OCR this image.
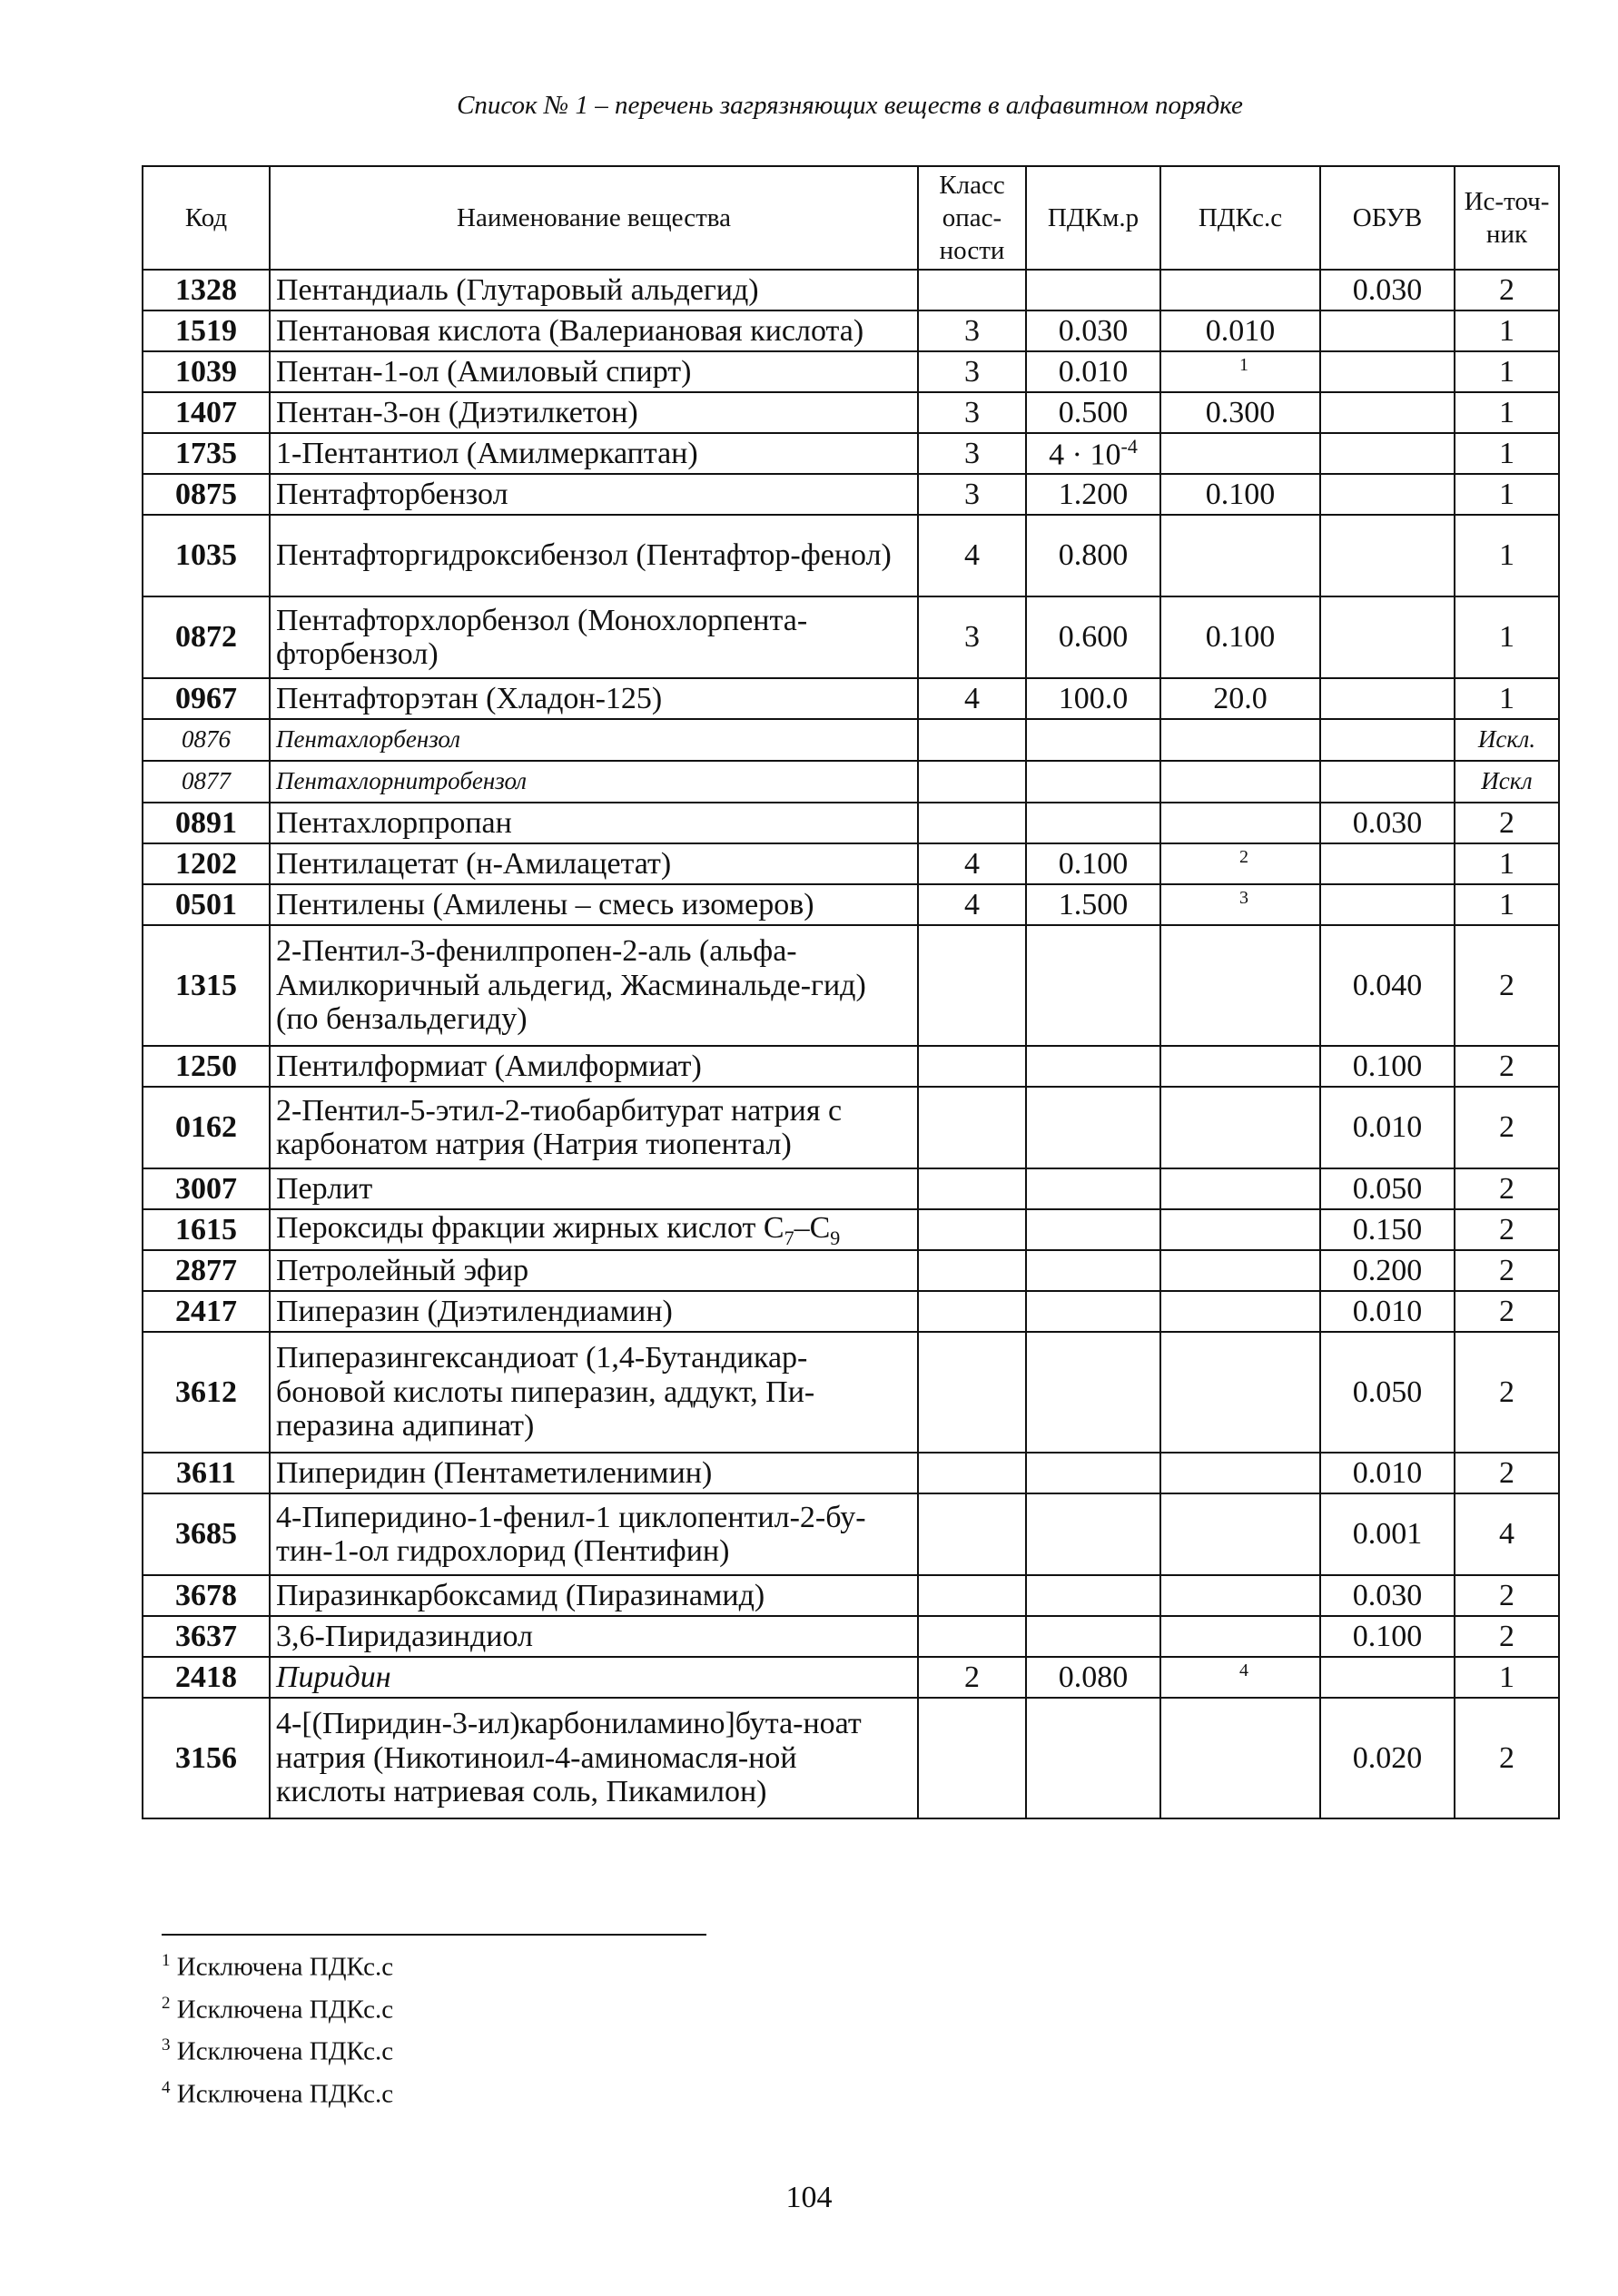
Список № 1 – перечень загрязняющих веществ в алфавитном порядке
Код	Наименование вещества	Класс опас-ности	ПДКм.р	ПДКс.с	ОБУВ	Ис-точ-ник
1328	Пентандиаль (Глутаровый альдегид)				0.030	2
1519	Пентановая кислота (Валериановая кислота)	3	0.030	0.010		1
1039	Пентан-1-ол (Амиловый спирт)	3	0.010	$^1$		1
1407	Пентан-3-он (Диэтилкетон)	3	0.500	0.300		1
1735	1-Пентантиол (Амилмеркаптан)	3	$4 \cdot 10^{-4}$			1
0875	Пентафторбензол	3	1.200	0.100		1
1035	Пентафторгидроксибензол (Пентафтор-фенол)	4	0.800			1
0872	Пентафторхлорбензол (Монохлорпента-фторбензол)	3	0.600	0.100		1
0967	Пентафторэтан (Хладон-125)	4	100.0	20.0		1
0876	Пентахлорбензол					Искл.
0877	Пентахлорнитробензол					Искл
0891	Пентахлорпропан				0.030	2
1202	Пентилацетат (н-Амилацетат)	4	0.100	$^2$		1
0501	Пентилены (Амилены – смесь изомеров)	4	1.500	$^3$		1
1315	2-Пентил-3-фенилпропен-2-аль (альфа-Амилкоричный альдегид, Жасминальде-гид) (по бензальдегиду)				0.040	2
1250	Пентилформиат (Амилформиат)				0.100	2
0162	2-Пентил-5-этил-2-тиобарбитурат натрия с карбонатом натрия (Натрия тиопентал)				0.010	2
3007	Перлит				0.050	2
1615	Пероксиды фракции жирных кислот $C_7-C_9$				0.150	2
2877	Петролейный эфир				0.200	2
2417	Пиперазин (Диэтилендиамин)				0.010	2
3612	Пиперазингександиоат (1,4-Бутандикар-боновой кислоты пиперазин, аддукт, Пи-перазина адипинат)				0.050	2
3611	Пиперидин (Пентаметиленимин)				0.010	2
3685	4-Пиперидино-1-фенил-1 циклопентил-2-бу-тин-1-ол гидрохлорид (Пентифин)				0.001	4
3678	Пиразинкарбоксамид (Пиразинамид)				0.030	2
3637	3,6-Пиридазиндиол				0.100	2
2418	Пиридин	2	0.080	$^4$		1
3156	4-[(Пиридин-3-ил)карбониламино]бута-ноат натрия (Никотиноил-4-аминомасля-ной кислоты натриевая соль, Пикамилон)				0.020	2
$^1$ Исключена ПДКс.с
$^2$ Исключена ПДКс.с
$^3$ Исключена ПДКс.с
$^4$ Исключена ПДКс.с
104
